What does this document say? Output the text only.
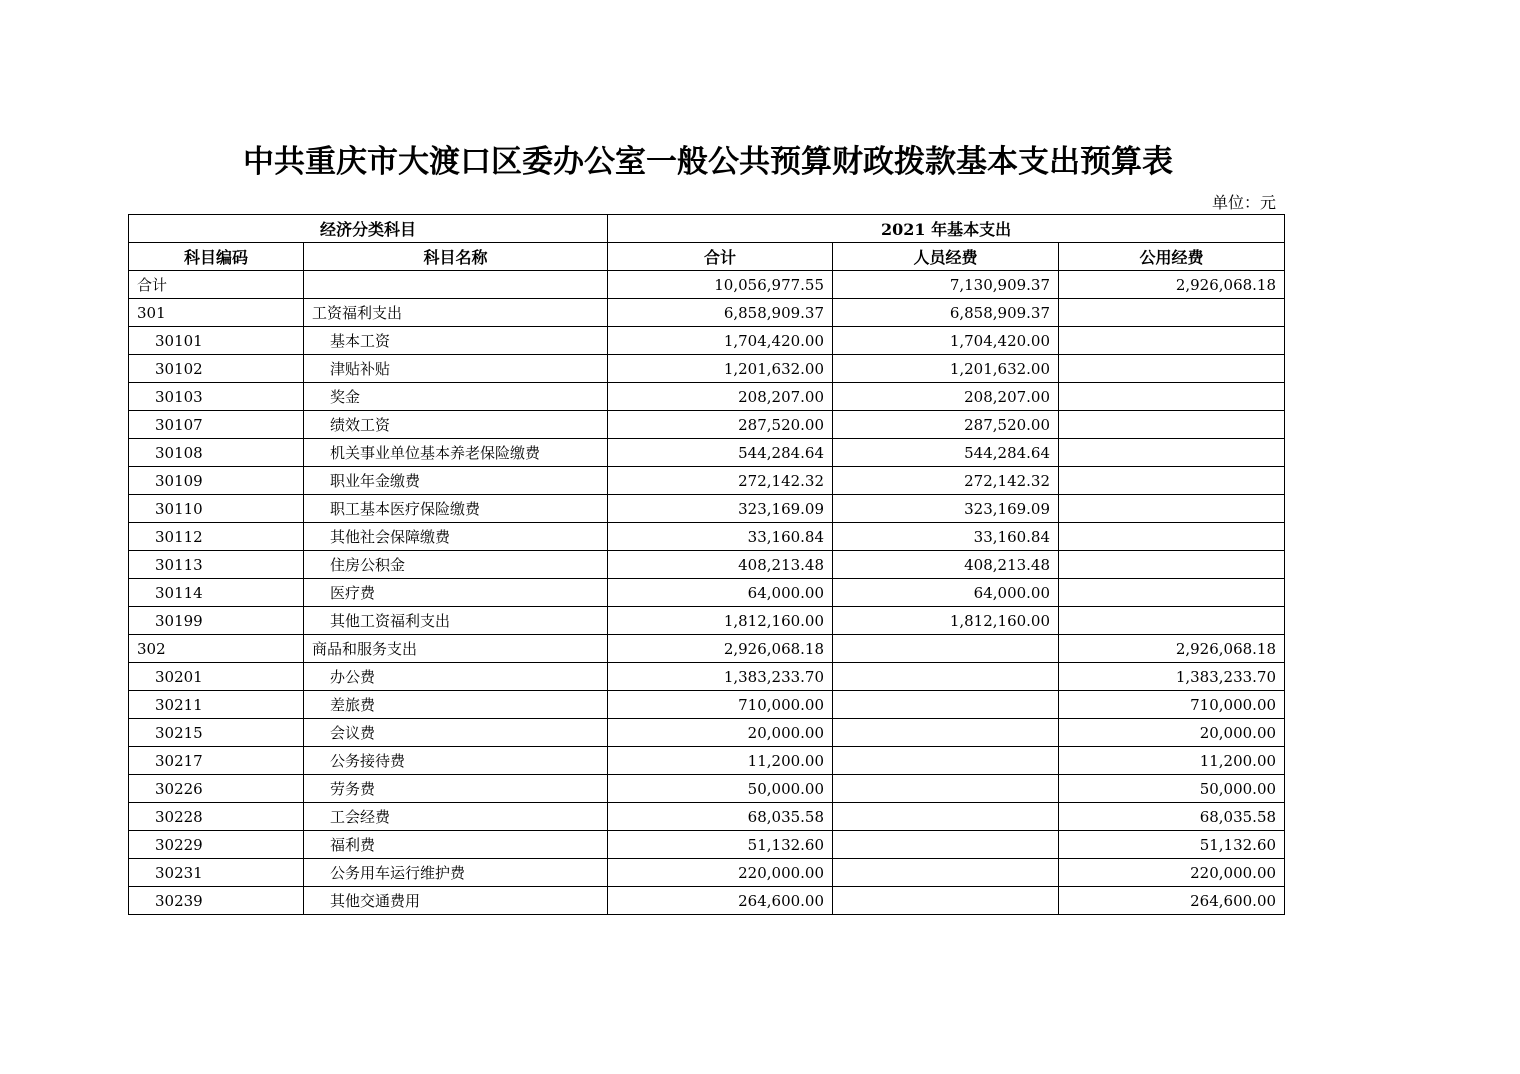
中共重庆市大渡口区委办公室一般公共预算财政拨款基本支出预算表
单位：元
经济分类科目		2021 年基本支出		
科目编码	科目名称	合计	人员经费	公用经费
合计		10,056,977.55	7,130,909.37	2,926,068.18
301	工资福利支出	6,858,909.37	6,858,909.37	
30101	基本工资	1,704,420.00	1,704,420.00	
30102	津贴补贴	1,201,632.00	1,201,632.00	
30103	奖金	208,207.00	208,207.00	
30107	绩效工资	287,520.00	287,520.00	
30108	机关事业单位基本养老保险缴费	544,284.64	544,284.64	
30109	职业年金缴费	272,142.32	272,142.32	
30110	职工基本医疗保险缴费	323,169.09	323,169.09	
30112	其他社会保障缴费	33,160.84	33,160.84	
30113	住房公积金	408,213.48	408,213.48	
30114	医疗费	64,000.00	64,000.00	
30199	其他工资福利支出	1,812,160.00	1,812,160.00	
302	商品和服务支出	2,926,068.18		2,926,068.18
30201	办公费	1,383,233.70		1,383,233.70
30211	差旅费	710,000.00		710,000.00
30215	会议费	20,000.00		20,000.00
30217	公务接待费	11,200.00		11,200.00
30226	劳务费	50,000.00		50,000.00
30228	工会经费	68,035.58		68,035.58
30229	福利费	51,132.60		51,132.60
30231	公务用车运行维护费	220,000.00		220,000.00
30239	其他交通费用	264,600.00		264,600.00
